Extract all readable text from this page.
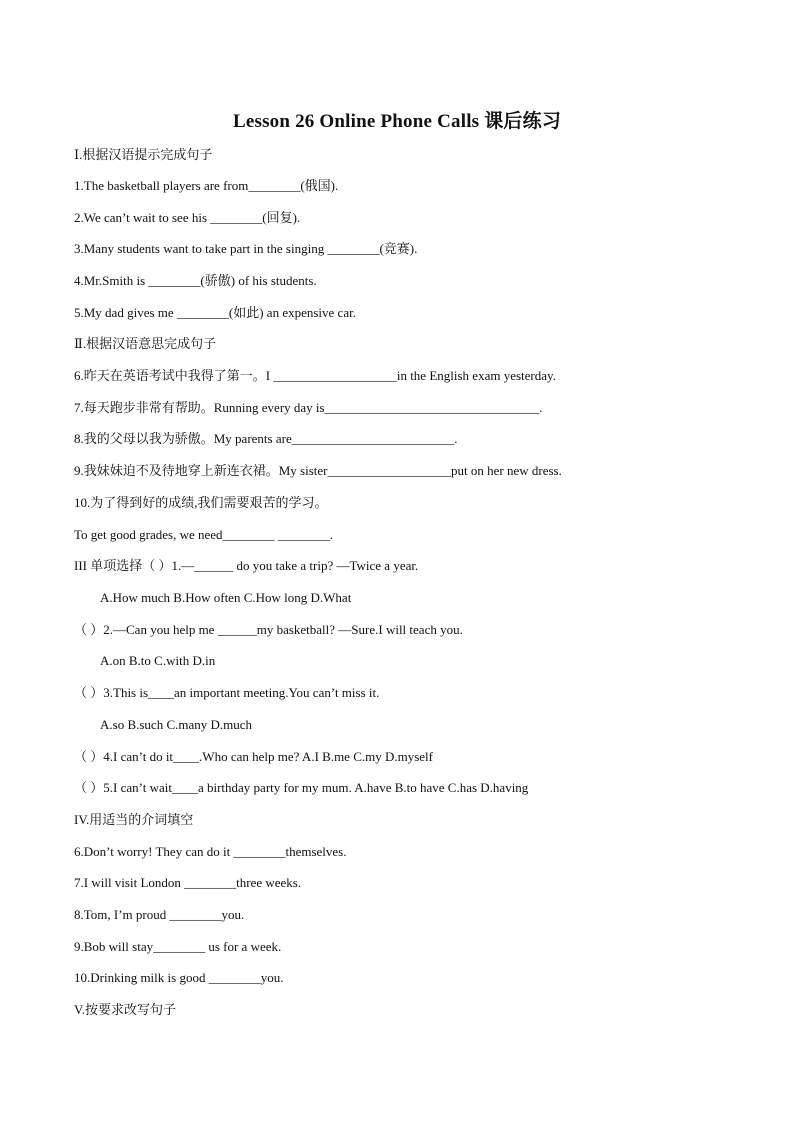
Lesson 26 Online Phone Calls 课后练习
Ⅰ.根据汉语提示完成句子
1.The basketball players are from________(俄国).
2.We can’t wait to see his ________(回复).
3.Many students want to take part in the singing ________(竞赛).
4.Mr.Smith is ________(骄傲) of his students.
5.My dad gives me ________(如此) an expensive car.
Ⅱ.根据汉语意思完成句子
6.昨天在英语考试中我得了第一。I ___________________in the English exam yesterday.
7.每天跑步非常有帮助。Running every day is_________________________________.
8.我的父母以我为骄傲。My parents are_________________________.
9.我妹妹迫不及待地穿上新连衣裙。My sister___________________put on her new dress.
10.为了得到好的成绩,我们需要艰苦的学习。
To get good grades, we need________ ________.
III 单项选择（ ）1.—______ do you take a trip? —Twice a year.
A.How much B.How often C.How long D.What
（ ）2.—Can you help me ______my basketball? —Sure.I will teach you.
A.on B.to C.with D.in
（ ）3.This is____an important meeting.You can’t miss it.
A.so B.such C.many D.much
（ ）4.I can’t do it____.Who can help me? A.I B.me C.my D.myself
（ ）5.I can’t wait____a birthday party for my mum. A.have B.to have C.has D.having
IV.用适当的介词填空
6.Don’t worry! They can do it ________themselves.
7.I will visit London ________three weeks.
8.Tom, I’m proud ________you.
9.Bob will stay________ us for a week.
10.Drinking milk is good ________you.
V.按要求改写句子
